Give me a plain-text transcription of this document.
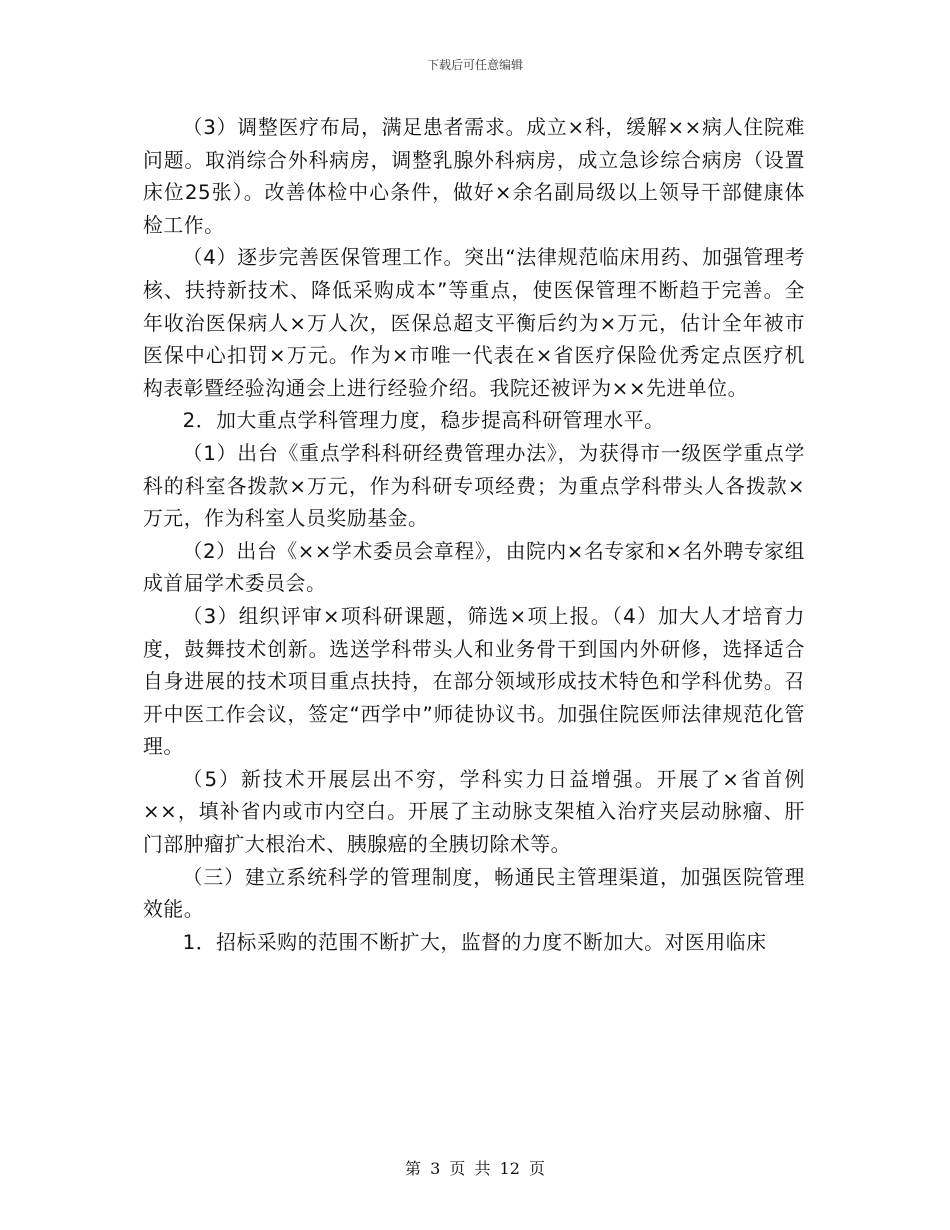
下载后可任意编辑

（3）调整医疗布局，满足患者需求。成立×科，缓解××病人住院难问题。取消综合外科病房，调整乳腺外科病房，成立急诊综合病房（设置床位25张）。改善体检中心条件，做好×余名副局级以上领导干部健康体检工作。

（4）逐步完善医保管理工作。突出“法律规范临床用药、加强管理考核、扶持新技术、降低采购成本”等重点，使医保管理不断趋于完善。全年收治医保病人×万人次，医保总超支平衡后约为×万元，估计全年被市医保中心扣罚×万元。作为×市唯一代表在×省医疗保险优秀定点医疗机构表彰暨经验沟通会上进行经验介绍。我院还被评为××先进单位。

2．加大重点学科管理力度，稳步提高科研管理水平。

（1）出台《重点学科科研经费管理办法》，为获得市一级医学重点学科的科室各拨款×万元，作为科研专项经费；为重点学科带头人各拨款×万元，作为科室人员奖励基金。

（2）出台《××学术委员会章程》，由院内×名专家和×名外聘专家组成首届学术委员会。

（3）组织评审×项科研课题，筛选×项上报。（4）加大人才培育力度，鼓舞技术创新。选送学科带头人和业务骨干到国内外研修，选择适合自身进展的技术项目重点扶持，在部分领域形成技术特色和学科优势。召开中医工作会议，签定“西学中”师徒协议书。加强住院医师法律规范化管理。

（5）新技术开展层出不穷，学科实力日益增强。开展了×省首例××，填补省内或市内空白。开展了主动脉支架植入治疗夹层动脉瘤、肝门部肿瘤扩大根治术、胰腺癌的全胰切除术等。

（三）建立系统科学的管理制度，畅通民主管理渠道，加强医院管理效能。

1．招标采购的范围不断扩大，监督的力度不断加大。对医用临床

第 3 页 共 12 页
